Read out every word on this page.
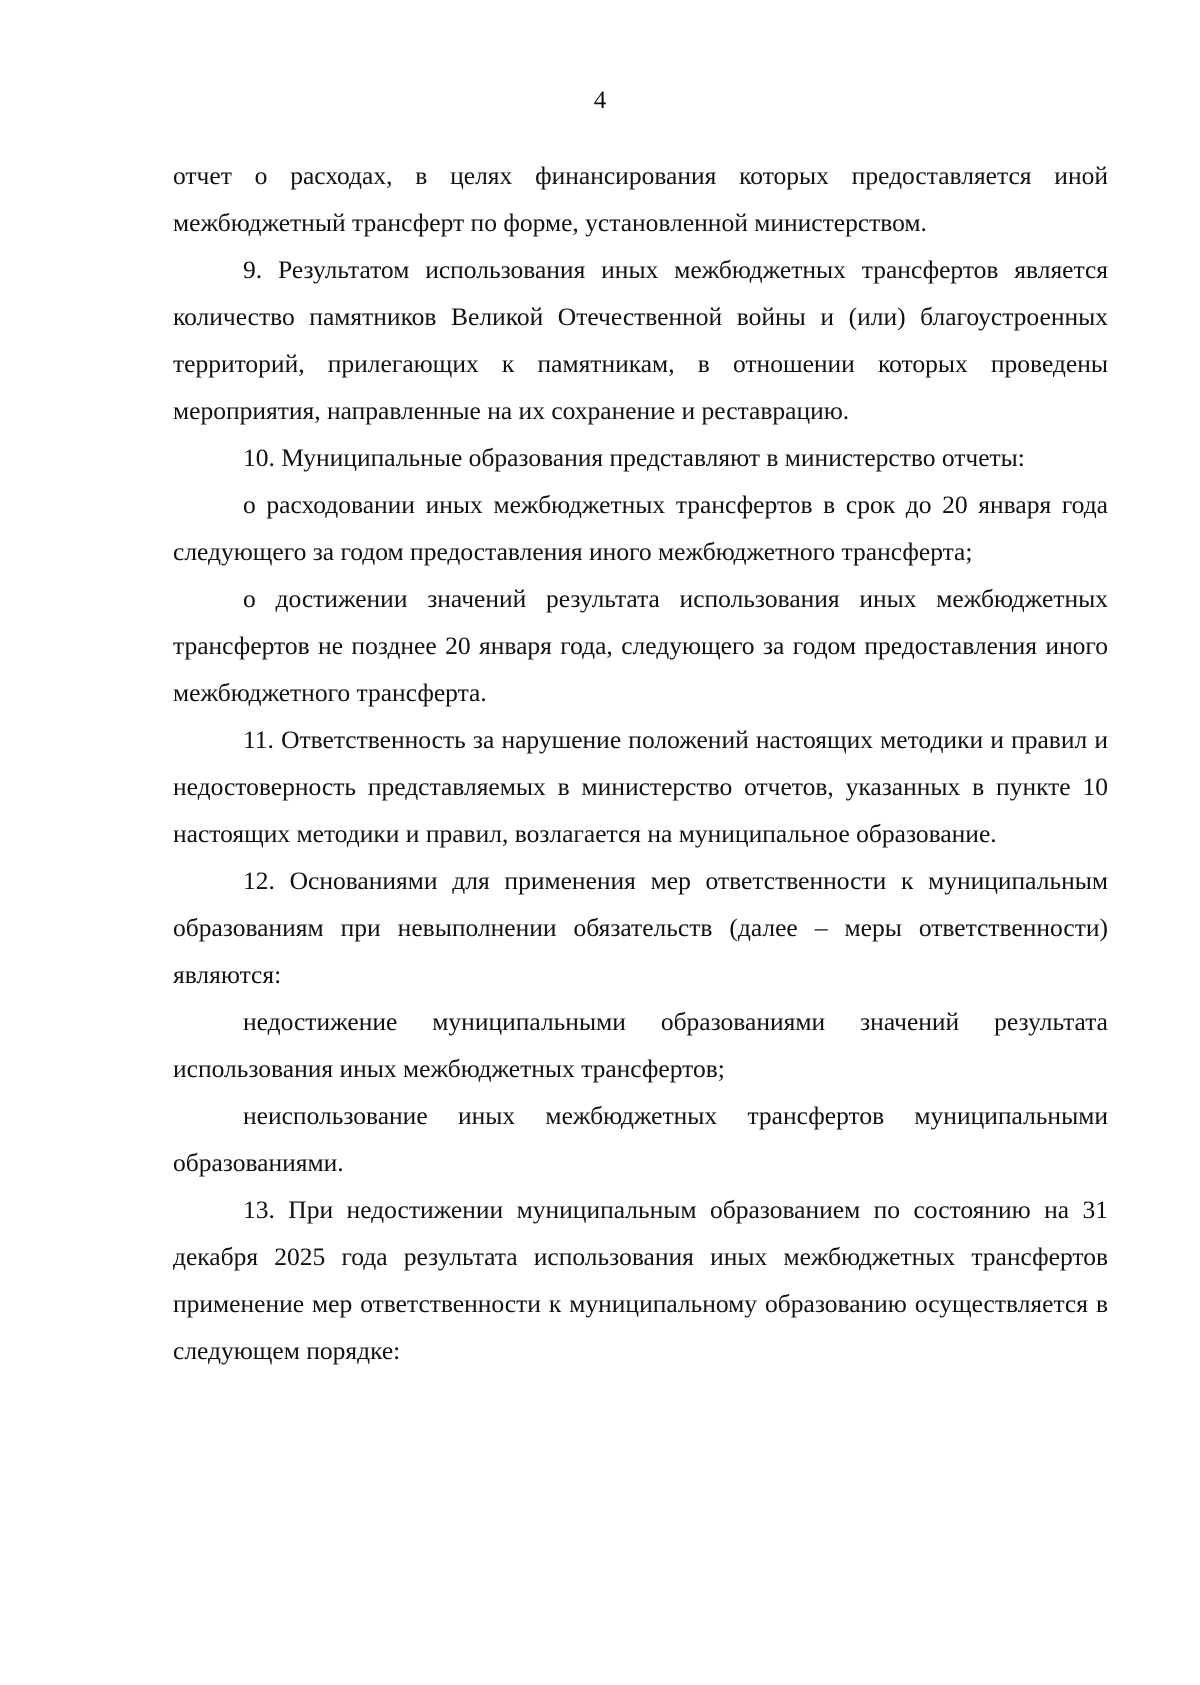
4

отчет о расходах, в целях финансирования которых предоставляется иной межбюджетный трансферт по форме, установленной министерством.

9. Результатом использования иных межбюджетных трансфертов является количество памятников Великой Отечественной войны и (или) благоустроенных территорий, прилегающих к памятникам, в отношении которых проведены мероприятия, направленные на их сохранение и реставрацию.

10. Муниципальные образования представляют в министерство отчеты:

о расходовании иных межбюджетных трансфертов в срок до 20 января года следующего за годом предоставления иного межбюджетного трансферта;

о достижении значений результата использования иных межбюджетных трансфертов не позднее 20 января года, следующего за годом предоставления иного межбюджетного трансферта.

11. Ответственность за нарушение положений настоящих методики и правил и недостоверность представляемых в министерство отчетов, указанных в пункте 10 настоящих методики и правил, возлагается на муниципальное образование.

12. Основаниями для применения мер ответственности к муниципальным образованиям при невыполнении обязательств (далее – меры ответственности) являются:

недостижение муниципальными образованиями значений результата использования иных межбюджетных трансфертов;

неиспользование иных межбюджетных трансфертов муниципальными образованиями.

13. При недостижении муниципальным образованием по состоянию на 31 декабря 2025 года результата использования иных межбюджетных трансфертов применение мер ответственности к муниципальному образованию осуществляется в следующем порядке:
